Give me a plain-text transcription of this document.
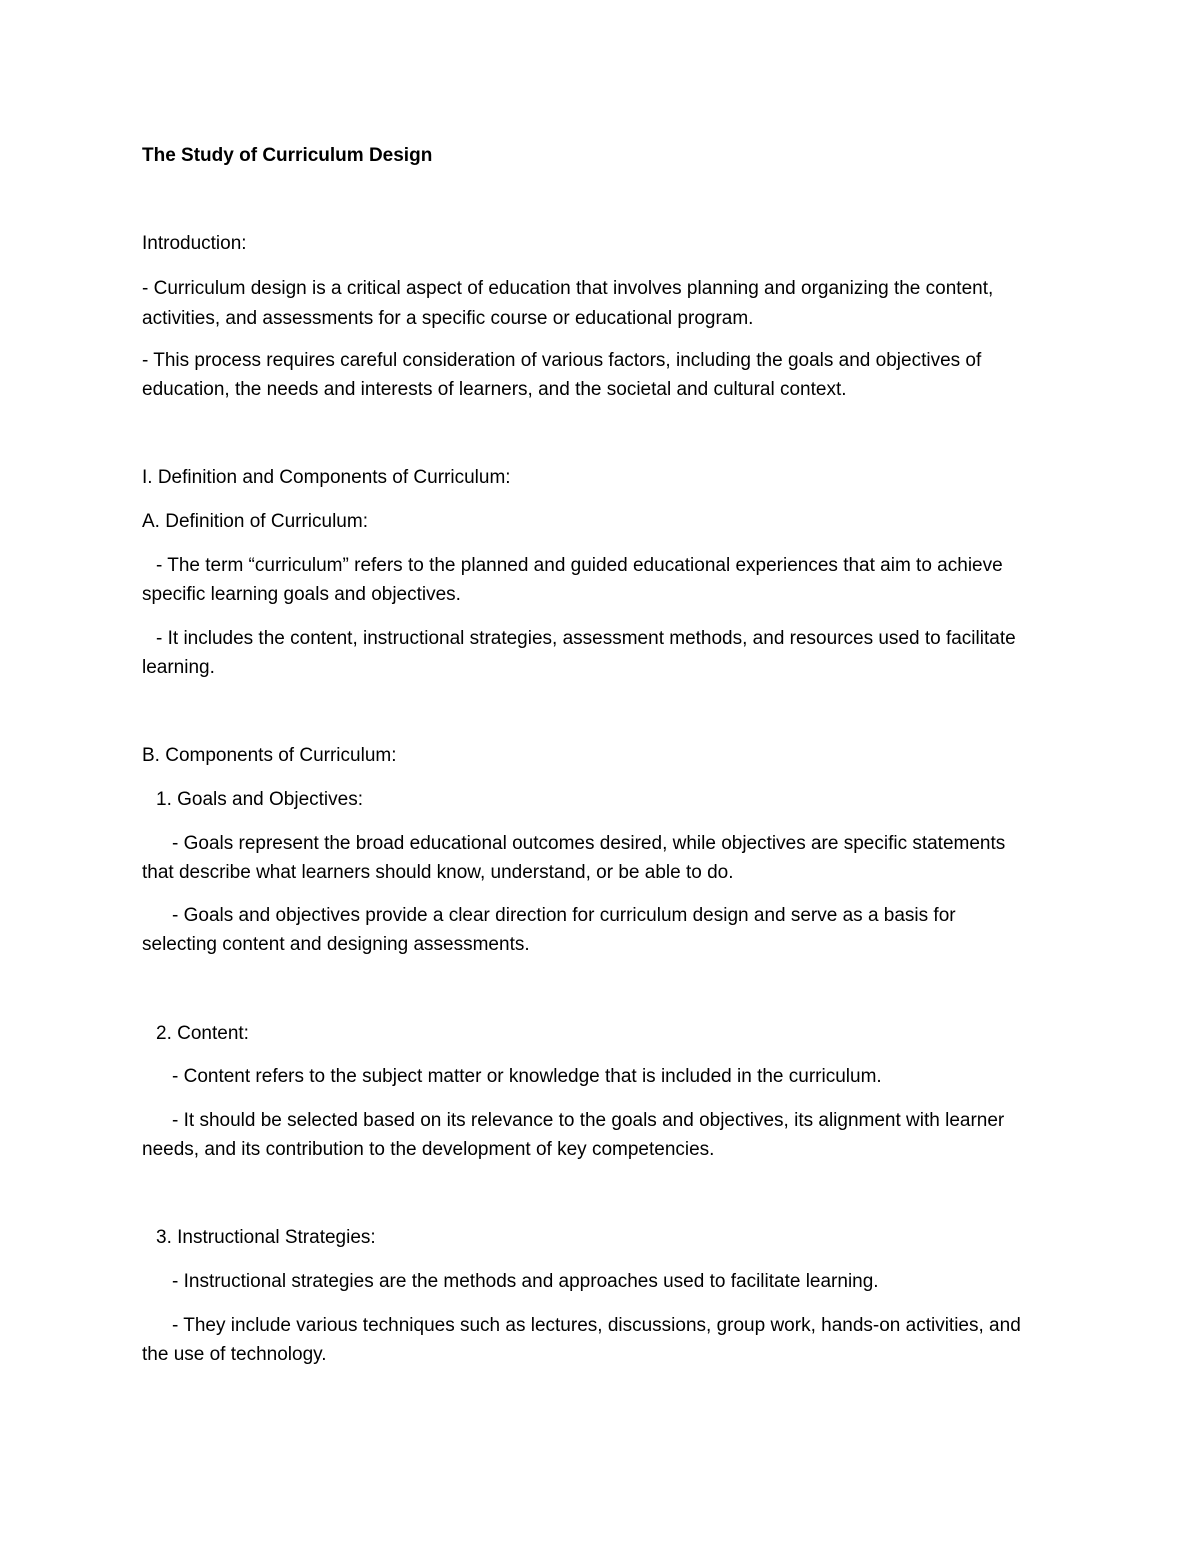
The Study of Curriculum Design
Introduction:
- Curriculum design is a critical aspect of education that involves planning and organizing the content,
activities, and assessments for a specific course or educational program.
- This process requires careful consideration of various factors, including the goals and objectives of
education, the needs and interests of learners, and the societal and cultural context.
I. Definition and Components of Curriculum:
A. Definition of Curriculum:
- The term “curriculum” refers to the planned and guided educational experiences that aim to achieve
specific learning goals and objectives.
- It includes the content, instructional strategies, assessment methods, and resources used to facilitate
learning.
B. Components of Curriculum:
1. Goals and Objectives:
- Goals represent the broad educational outcomes desired, while objectives are specific statements
that describe what learners should know, understand, or be able to do.
- Goals and objectives provide a clear direction for curriculum design and serve as a basis for
selecting content and designing assessments.
2. Content:
- Content refers to the subject matter or knowledge that is included in the curriculum.
- It should be selected based on its relevance to the goals and objectives, its alignment with learner
needs, and its contribution to the development of key competencies.
3. Instructional Strategies:
- Instructional strategies are the methods and approaches used to facilitate learning.
- They include various techniques such as lectures, discussions, group work, hands-on activities, and
the use of technology.
